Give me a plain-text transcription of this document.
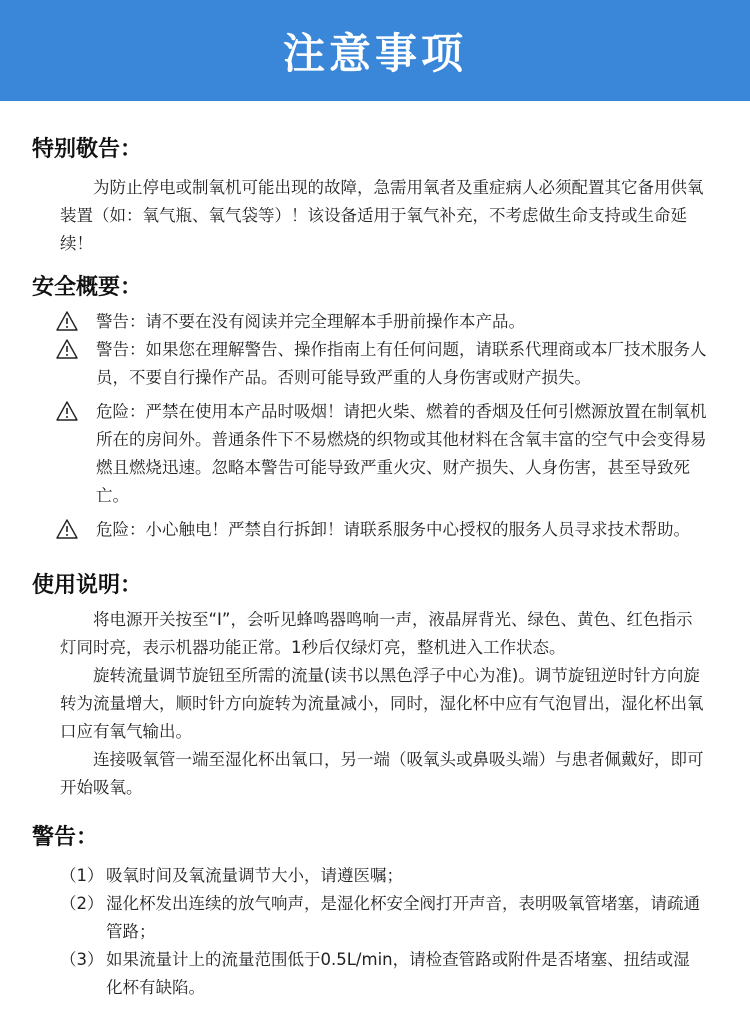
注意事项
特别敬告：

为防止停电或制氧机可能出现的故障，急需用氧者及重症病人必须配置其它备用供氧装置（如：氧气瓶、氧气袋等）！该设备适用于氧气补充，不考虑做生命支持或生命延续！

安全概要：
警告：请不要在没有阅读并完全理解本手册前操作本产品。
警告：如果您在理解警告、操作指南上有任何问题，请联系代理商或本厂技术服务人员，不要自行操作产品。否则可能导致严重的人身伤害或财产损失。
危险：严禁在使用本产品时吸烟！请把火柴、燃着的香烟及任何引燃源放置在制氧机所在的房间外。普通条件下不易燃烧的织物或其他材料在含氧丰富的空气中会变得易燃且燃烧迅速。忽略本警告可能导致严重火灾、财产损失、人身伤害，甚至导致死亡。
危险：小心触电！严禁自行拆卸！请联系服务中心授权的服务人员寻求技术帮助。
使用说明：

将电源开关按至“I”，会听见蜂鸣器鸣响一声，液晶屏背光、绿色、黄色、红色指示灯同时亮，表示机器功能正常。1秒后仅绿灯亮，整机进入工作状态。

旋转流量调节旋钮至所需的流量(读书以黑色浮子中心为准)。调节旋钮逆时针方向旋转为流量增大，顺时针方向旋转为流量减小，同时，湿化杯中应有气泡冒出，湿化杯出氧口应有氧气输出。

连接吸氧管一端至湿化杯出氧口，另一端（吸氧头或鼻吸头端）与患者佩戴好，即可开始吸氧。

警告：
（1） 吸氧时间及氧流量调节大小，请遵医嘱；
（2） 湿化杯发出连续的放气响声，是湿化杯安全阀打开声音，表明吸氧管堵塞，请疏通管路；
（3） 如果流量计上的流量范围低于0.5L/min，请检查管路或附件是否堵塞、扭结或湿化杯有缺陷。
